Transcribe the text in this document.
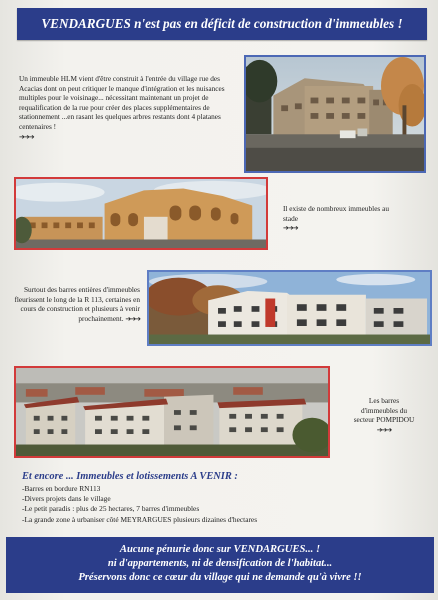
VENDARGUES n'est pas en déficit de construction d'immeubles !
Un immeuble HLM vient d'être construit à l'entrée du village rue des Acacias dont on peut critiquer le manque d'intégration et les nuisances multiples pour le voisinage... nécessitant maintenant un projet de requalification de la rue pour créer des places supplémentaires de stationnement ...en rasant les quelques arbres restants dont 4 platanes centenaires !
➔➔➔
Il existe de nombreux immeubles au stade
➔➔➔
Surtout des barres entières d'immeubles fleurissent le long de la R 113, certaines en cours de construction et plusieurs à venir prochainement. ➔➔➔
Les barres d'immeubles du secteur POMPIDOU
➔➔➔
Et encore ... Immeubles et lotissements A VENIR :
-Barres en bordure RN113
-Divers projets dans le village
-Le petit paradis : plus de 25 hectares, 7 barres d'immeubles
-La grande zone à urbaniser côté MEYRARGUES plusieurs dizaines d'hectares
Aucune pénurie donc sur VENDARGUES... !
ni d'appartements, ni de densification de l'habitat...
Préservons donc ce cœur du village qui ne demande qu'à vivre !!
